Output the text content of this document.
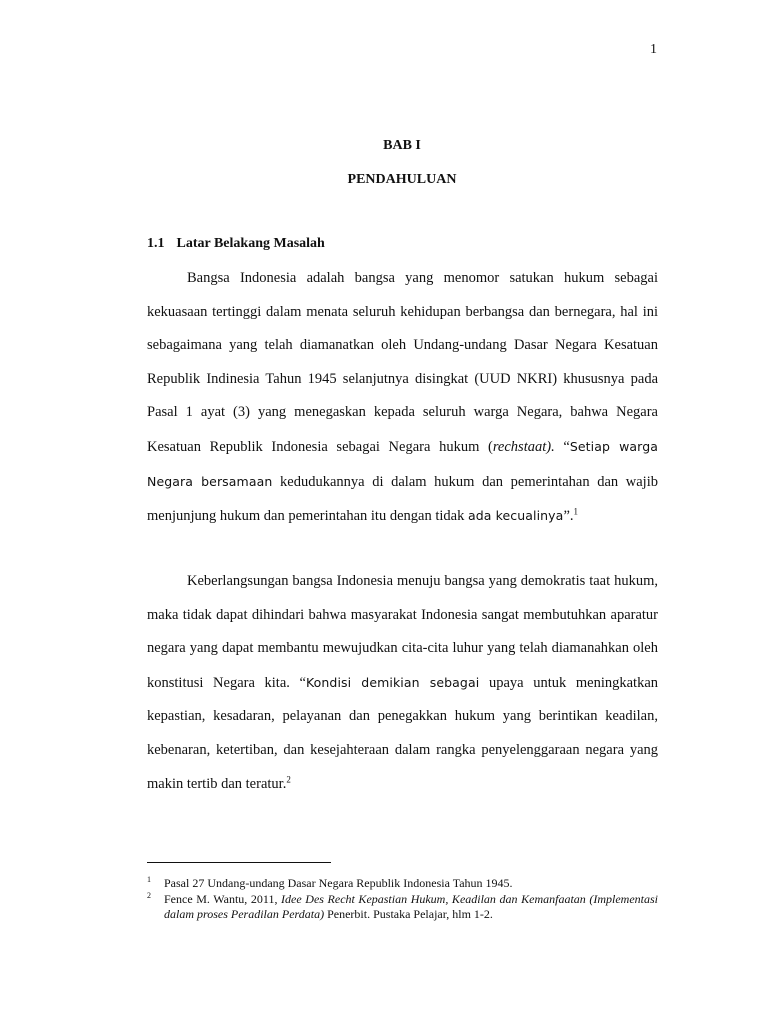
1
BAB I
PENDAHULUAN
1.1 Latar Belakang Masalah

Bangsa Indonesia adalah bangsa yang menomor satukan hukum sebagai kekuasaan tertinggi dalam menata seluruh kehidupan berbangsa dan bernegara, hal ini sebagaimana yang telah diamanatkan oleh Undang-undang Dasar Negara Kesatuan Republik Indinesia Tahun 1945 selanjutnya disingkat (UUD NKRI) khususnya pada Pasal 1 ayat (3) yang menegaskan kepada seluruh warga Negara, bahwa Negara Kesatuan Republik Indonesia sebagai Negara hukum (rechstaat). “Setiap warga Negara bersamaan kedudukannya di dalam hukum dan pemerintahan dan wajib menjunjung hukum dan pemerintahan itu dengan tidak ada kecualinya”.$^1$

Keberlangsungan bangsa Indonesia menuju bangsa yang demokratis taat hukum, maka tidak dapat dihindari bahwa masyarakat Indonesia sangat membutuhkan aparatur negara yang dapat membantu mewujudkan cita-cita luhur yang telah diamanahkan oleh konstitusi Negara kita. “Kondisi demikian sebagai upaya untuk meningkatkan kepastian, kesadaran, pelayanan dan penegakkan hukum yang berintikan keadilan, kebenaran, ketertiban, dan kesejahteraan dalam rangka penyelenggaraan negara yang makin tertib dan teratur.$^2$

1 Pasal 27 Undang-undang Dasar Negara Republik Indonesia Tahun 1945.
2 Fence M. Wantu, 2011, Idee Des Recht Kepastian Hukum, Keadilan dan Kemanfaatan (Implementasi dalam proses Peradilan Perdata) Penerbit. Pustaka Pelajar, hlm 1-2.
